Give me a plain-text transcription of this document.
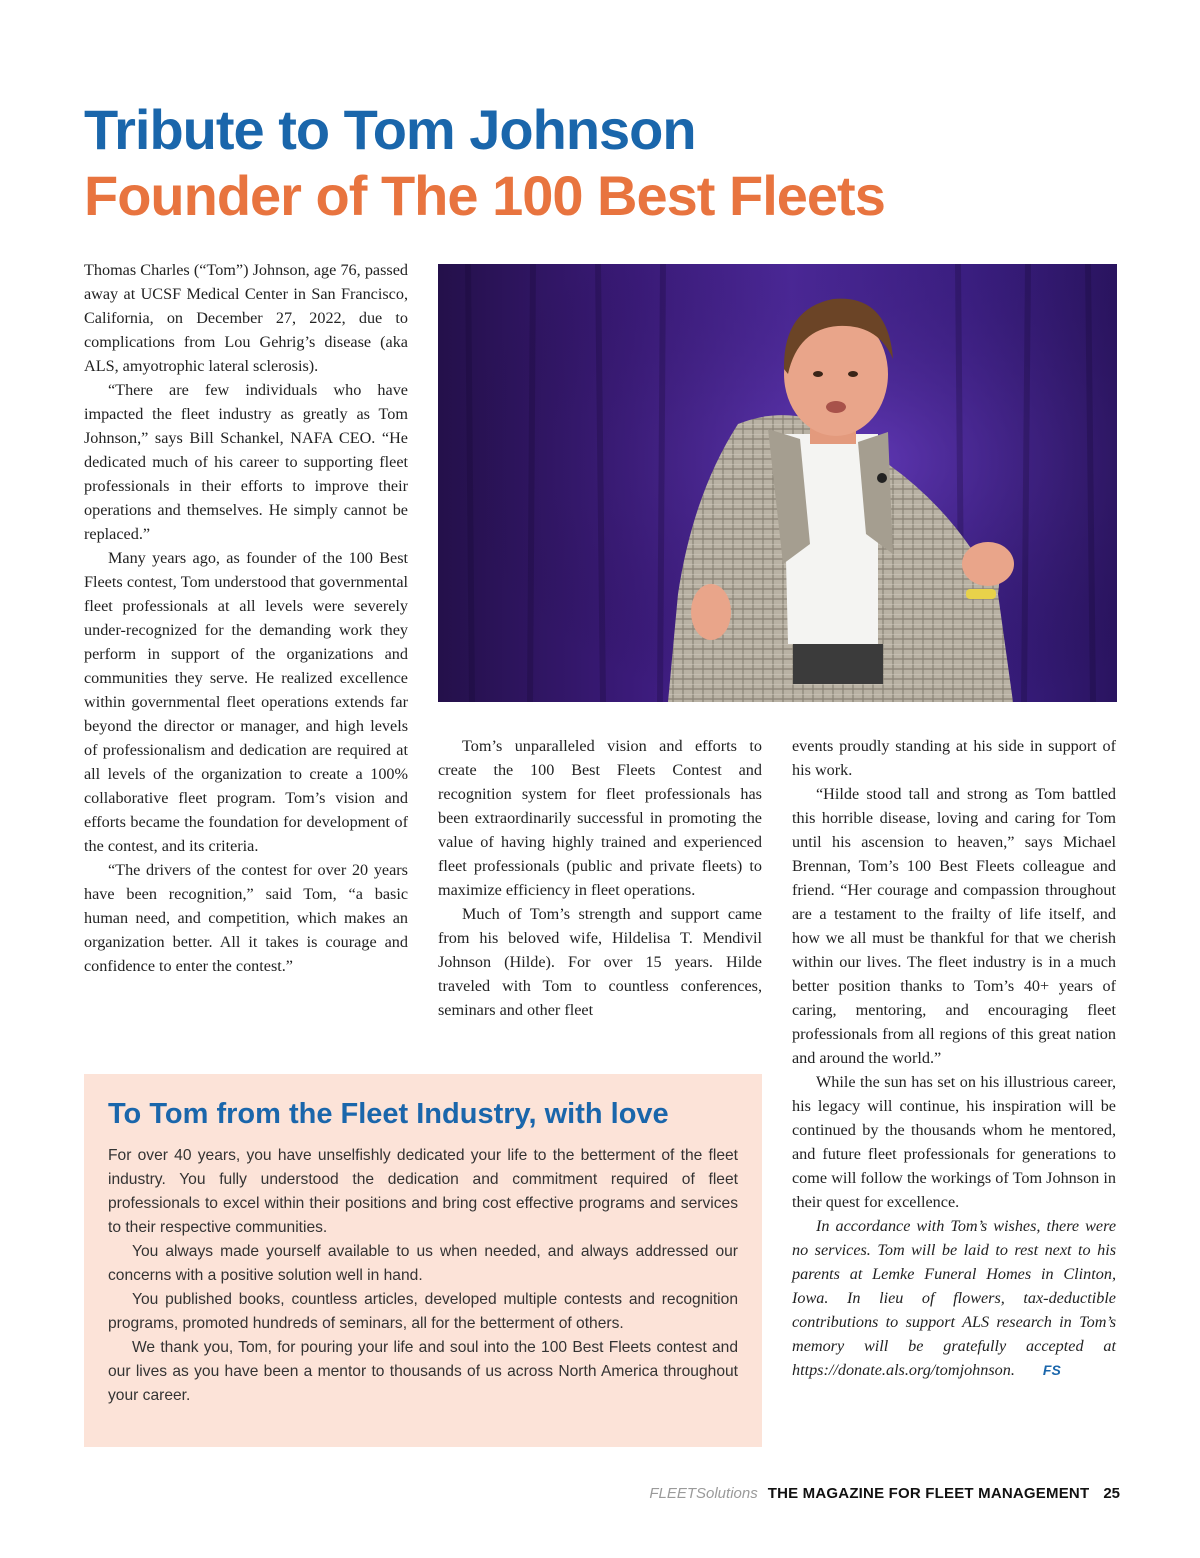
Tribute to Tom Johnson
Founder of The 100 Best Fleets

Thomas Charles (“Tom”) Johnson, age 76, passed away at UCSF Medical Center in San Francisco, California, on December 27, 2022, due to complications from Lou Gehrig’s disease (aka ALS, amyotrophic lateral sclerosis).

“There are few individuals who have impacted the fleet industry as greatly as Tom Johnson,” says Bill Schankel, NAFA CEO. “He dedicated much of his career to supporting fleet professionals in their efforts to improve their operations and themselves. He simply cannot be replaced.”

Many years ago, as founder of the 100 Best Fleets contest, Tom understood that governmental fleet professionals at all levels were severely under-recognized for the demanding work they perform in support of the organizations and communities they serve. He realized excellence within governmental fleet operations extends far beyond the director or manager, and high levels of professionalism and dedication are required at all levels of the organization to create a 100% collaborative fleet program. Tom’s vision and efforts became the foundation for development of the contest, and its criteria.

“The drivers of the contest for over 20 years have been recognition,” said Tom, “a basic human need, and competition, which makes an organization better. All it takes is courage and confidence to enter the contest.”

Tom’s unparalleled vision and efforts to create the 100 Best Fleets Contest and recognition system for fleet professionals has been extraordinarily successful in promoting the value of having highly trained and experienced fleet professionals (public and private fleets) to maximize efficiency in fleet operations.

Much of Tom’s strength and support came from his beloved wife, Hildelisa T. Mendivil Johnson (Hilde). For over 15 years. Hilde traveled with Tom to countless conferences, seminars and other fleet

events proudly standing at his side in support of his work.

“Hilde stood tall and strong as Tom battled this horrible disease, loving and caring for Tom until his ascension to heaven,” says Michael Brennan, Tom’s 100 Best Fleets colleague and friend. “Her courage and compassion throughout are a testament to the frailty of life itself, and how we all must be thankful for that we cherish within our lives. The fleet industry is in a much better position thanks to Tom’s 40+ years of caring, mentoring, and encouraging fleet professionals from all regions of this great nation and around the world.”

While the sun has set on his illustrious career, his legacy will continue, his inspiration will be continued by the thousands whom he mentored, and future fleet professionals for generations to come will follow the workings of Tom Johnson in their quest for excellence.

In accordance with Tom’s wishes, there were no services. Tom will be laid to rest next to his parents at Lemke Funeral Homes in Clinton, Iowa. In lieu of flowers, tax-deductible contributions to support ALS research in Tom’s memory will be gratefully accepted at https://donate.als.org/tomjohnson. FS

To Tom from the Fleet Industry, with love

For over 40 years, you have unselfishly dedicated your life to the betterment of the fleet industry. You fully understood the dedication and commitment required of fleet professionals to excel within their positions and bring cost effective programs and services to their respective communities.

You always made yourself available to us when needed, and always addressed our concerns with a positive solution well in hand.

You published books, countless articles, developed multiple contests and recognition programs, promoted hundreds of seminars, all for the betterment of others.

We thank you, Tom, for pouring your life and soul into the 100 Best Fleets contest and our lives as you have been a mentor to thousands of us across North America throughout your career.

FLEETSolutions THE MAGAZINE FOR FLEET MANAGEMENT 25
